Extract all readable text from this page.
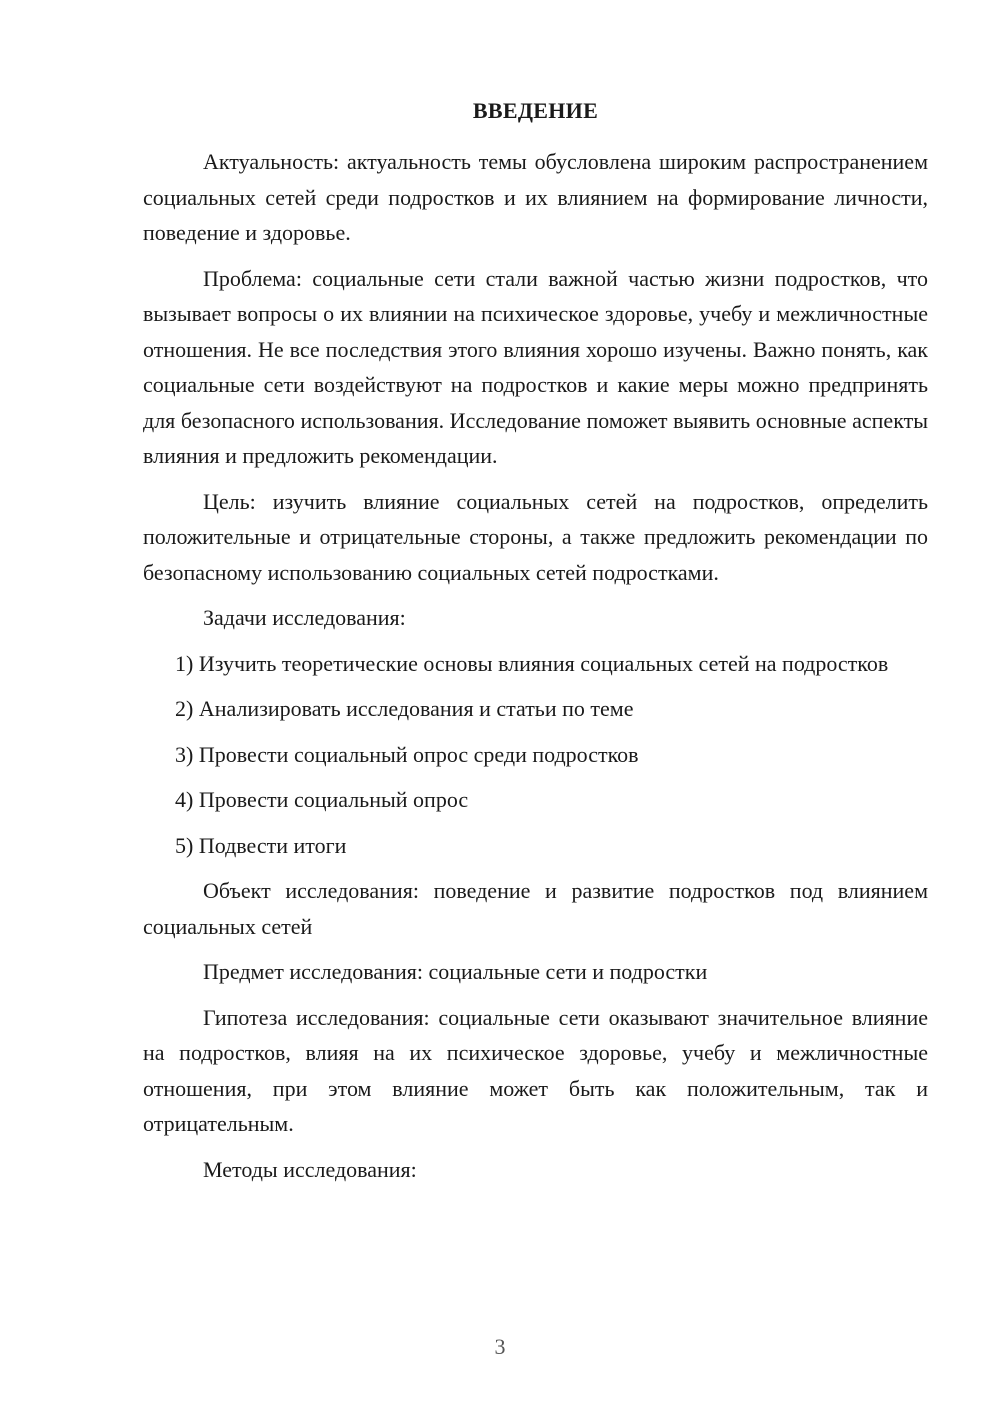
ВВЕДЕНИЕ

Актуальность: актуальность темы обусловлена широким распространением социальных сетей среди подростков и их влиянием на формирование личности, поведение и здоровье.

Проблема: социальные сети стали важной частью жизни подростков, что вызывает вопросы о их влиянии на психическое здоровье, учебу и межличностные отношения. Не все последствия этого влияния хорошо изучены. Важно понять, как социальные сети воздействуют на подростков и какие меры можно предпринять для безопасного использования. Исследование поможет выявить основные аспекты влияния и предложить рекомендации.

Цель: изучить влияние социальных сетей на подростков, определить положительные и отрицательные стороны, а также предложить рекомендации по безопасному использованию социальных сетей подростками.

Задачи исследования:

1) Изучить теоретические основы влияния социальных сетей на подростков
2) Анализировать исследования и статьи по теме
3) Провести социальный опрос среди подростков
4) Провести социальный опрос
5) Подвести итоги

Объект исследования: поведение и развитие подростков под влиянием социальных сетей

Предмет исследования: социальные сети и подростки

Гипотеза исследования: социальные сети оказывают значительное влияние на подростков, влияя на их психическое здоровье, учебу и межличностные отношения, при этом влияние может быть как положительным, так и отрицательным.

Методы исследования:

3
